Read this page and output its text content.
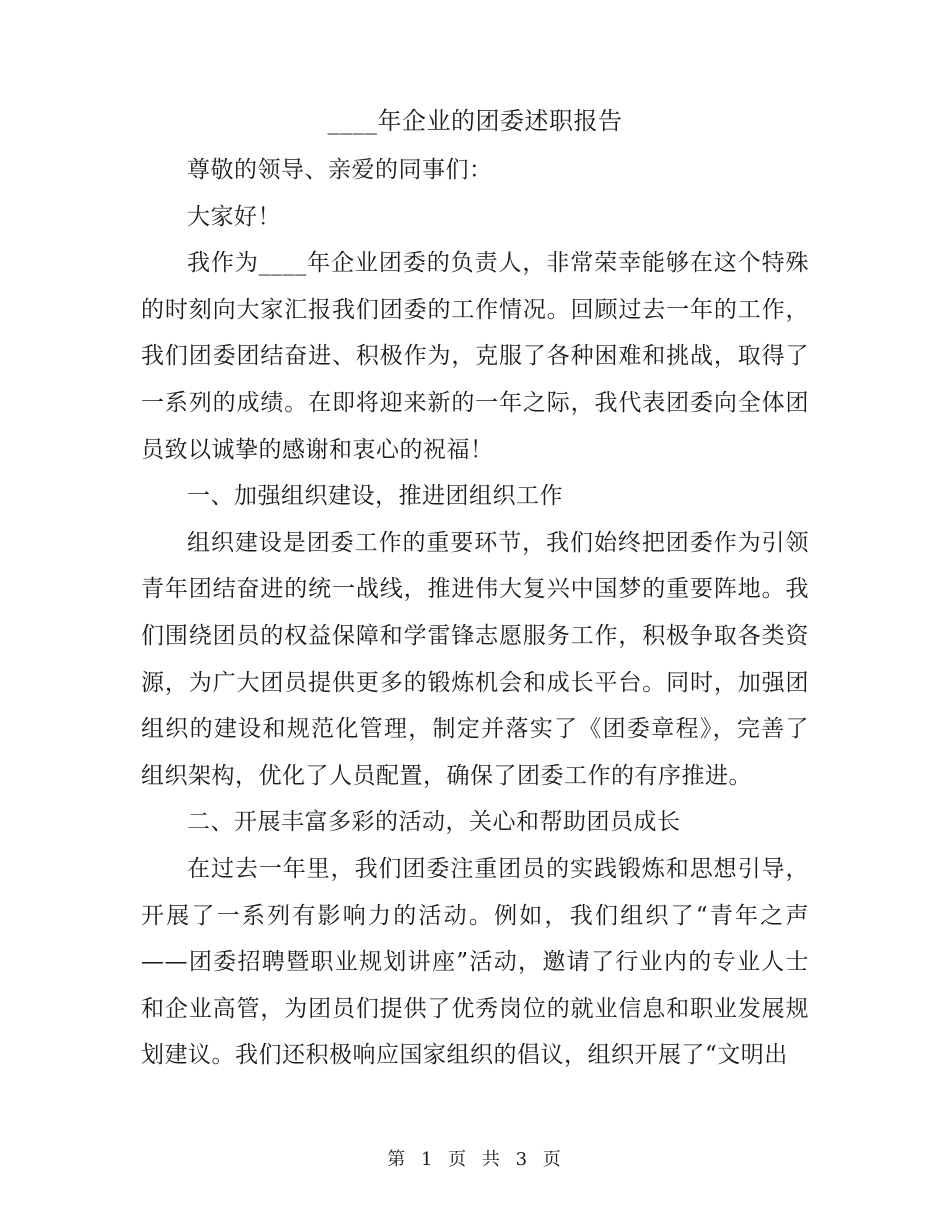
____年企业的团委述职报告

尊敬的领导、亲爱的同事们：

大家好！

我作为____年企业团委的负责人，非常荣幸能够在这个特殊的时刻向大家汇报我们团委的工作情况。回顾过去一年的工作，我们团委团结奋进、积极作为，克服了各种困难和挑战，取得了一系列的成绩。在即将迎来新的一年之际，我代表团委向全体团员致以诚挚的感谢和衷心的祝福！

一、加强组织建设，推进团组织工作

组织建设是团委工作的重要环节，我们始终把团委作为引领青年团结奋进的统一战线，推进伟大复兴中国梦的重要阵地。我们围绕团员的权益保障和学雷锋志愿服务工作，积极争取各类资源，为广大团员提供更多的锻炼机会和成长平台。同时，加强团组织的建设和规范化管理，制定并落实了《团委章程》，完善了组织架构，优化了人员配置，确保了团委工作的有序推进。

二、开展丰富多彩的活动，关心和帮助团员成长

在过去一年里，我们团委注重团员的实践锻炼和思想引导，开展了一系列有影响力的活动。例如，我们组织了“青年之声——团委招聘暨职业规划讲座”活动，邀请了行业内的专业人士和企业高管，为团员们提供了优秀岗位的就业信息和职业发展规划建议。我们还积极响应国家组织的倡议，组织开展了“文明出

第 1 页 共 3 页
